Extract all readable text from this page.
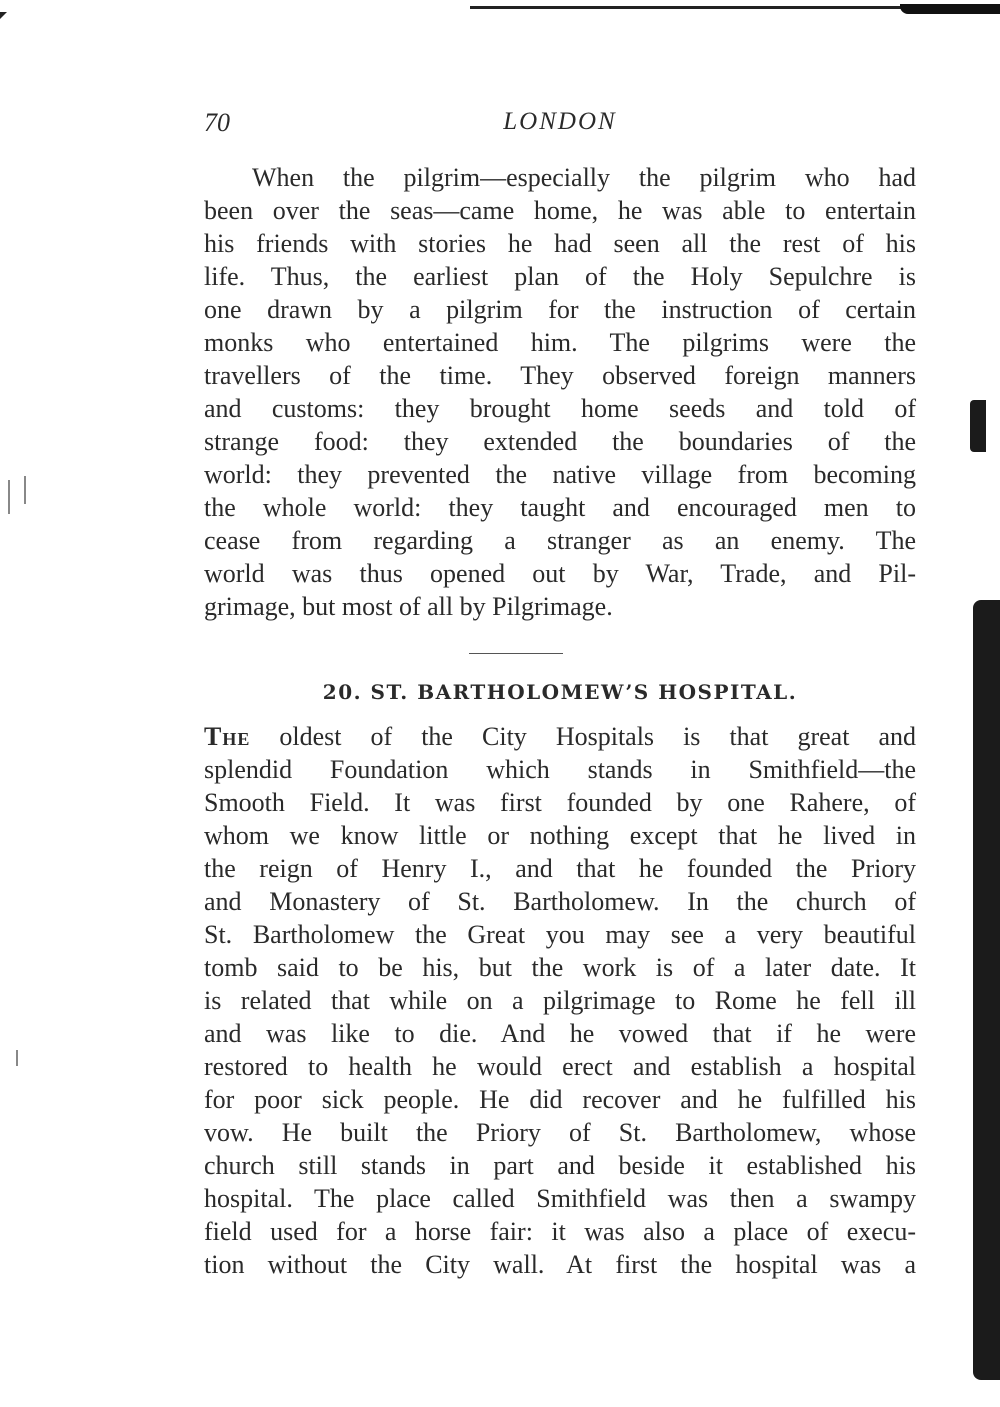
70	LONDON
When the pilgrim—especially the pilgrim who had
been over the seas—came home, he was able to entertain
his friends with stories he had seen all the rest of his
life. Thus, the earliest plan of the Holy Sepulchre is
one drawn by a pilgrim for the instruction of certain
monks who entertained him. The pilgrims were the
travellers of the time. They observed foreign manners
and customs: they brought home seeds and told of
strange food: they extended the boundaries of the
world: they prevented the native village from becoming
the whole world: they taught and encouraged men to
cease from regarding a stranger as an enemy. The
world was thus opened out by War, Trade, and Pil-
grimage, but most of all by Pilgrimage.
20. ST. BARTHOLOMEW’S HOSPITAL.
The oldest of the City Hospitals is that great and
splendid Foundation which stands in Smithfield—the
Smooth Field. It was first founded by one Rahere, of
whom we know little or nothing except that he lived in
the reign of Henry I., and that he founded the Priory
and Monastery of St. Bartholomew. In the church of
St. Bartholomew the Great you may see a very beautiful
tomb said to be his, but the work is of a later date. It
is related that while on a pilgrimage to Rome he fell ill
and was like to die. And he vowed that if he were
restored to health he would erect and establish a hospital
for poor sick people. He did recover and he fulfilled his
vow. He built the Priory of St. Bartholomew, whose
church still stands in part and beside it established his
hospital. The place called Smithfield was then a swampy
field used for a horse fair: it was also a place of execu-
tion without the City wall. At first the hospital was a
